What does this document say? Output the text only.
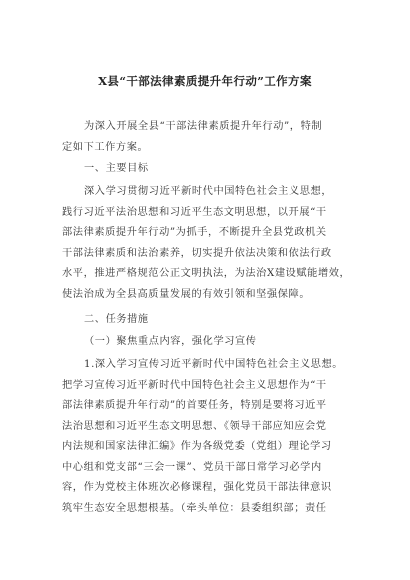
X县“干部法律素质提升年行动”工作方案
为深入开展全县“干部法律素质提升年行动”，特制
定如下工作方案。
一、主要目标
深入学习贯彻习近平新时代中国特色社会主义思想，
践行习近平法治思想和习近平生态文明思想，以开展“干
部法律素质提升年行动”为抓手，不断提升全县党政机关
干部法律素质和法治素养，切实提升依法决策和依法行政
水平，推进严格规范公正文明执法，为法治X建设赋能增效，
使法治成为全县高质量发展的有效引领和坚强保障。
二、任务措施
（一）聚焦重点内容，强化学习宣传
1.深入学习宣传习近平新时代中国特色社会主义思想。
把学习宣传习近平新时代中国特色社会主义思想作为“干
部法律素质提升年行动”的首要任务，特别是要将习近平
法治思想和习近平生态文明思想、《领导干部应知应会党
内法规和国家法律汇编》作为各级党委（党组）理论学习
中心组和党支部“三会一课”、党员干部日常学习必学内
容，作为党校主体班次必修课程，强化党员干部法律意识
筑牢生态安全思想根基。（牵头单位：县委组织部；责任
